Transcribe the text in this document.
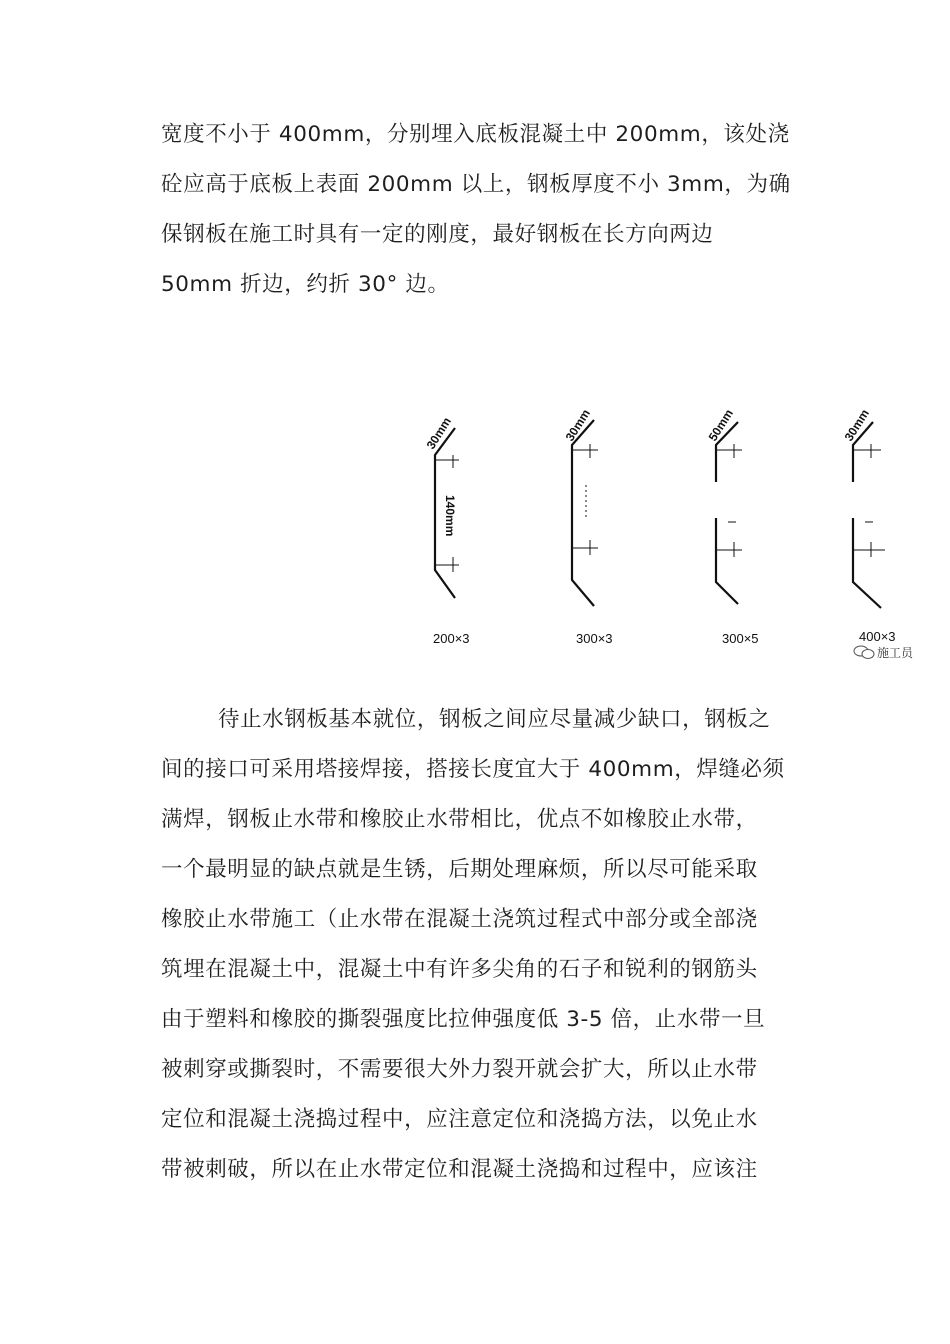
宽度不小于 400mm，分别埋入底板混凝土中 200mm，该处浇
砼应高于底板上表面 200mm 以上，钢板厚度不小 3mm，为确
保钢板在施工时具有一定的刚度，最好钢板在长方向两边
50mm 折边，约折 30° 边。
30mm
140mm
200×3
30mm
300×3
50mm
300×5
30mm
400×3
施工员
待止水钢板基本就位，钢板之间应尽量减少缺口，钢板之
间的接口可采用塔接焊接，搭接长度宜大于 400mm，焊缝必须
满焊，钢板止水带和橡胶止水带相比，优点不如橡胶止水带，
一个最明显的缺点就是生锈，后期处理麻烦，所以尽可能采取
橡胶止水带施工（止水带在混凝土浇筑过程式中部分或全部浇
筑埋在混凝土中，混凝土中有许多尖角的石子和锐利的钢筋头
由于塑料和橡胶的撕裂强度比拉伸强度低 3-5 倍，止水带一旦
被刺穿或撕裂时，不需要很大外力裂开就会扩大，所以止水带
定位和混凝土浇捣过程中，应注意定位和浇捣方法，以免止水
带被刺破，所以在止水带定位和混凝土浇捣和过程中，应该注
